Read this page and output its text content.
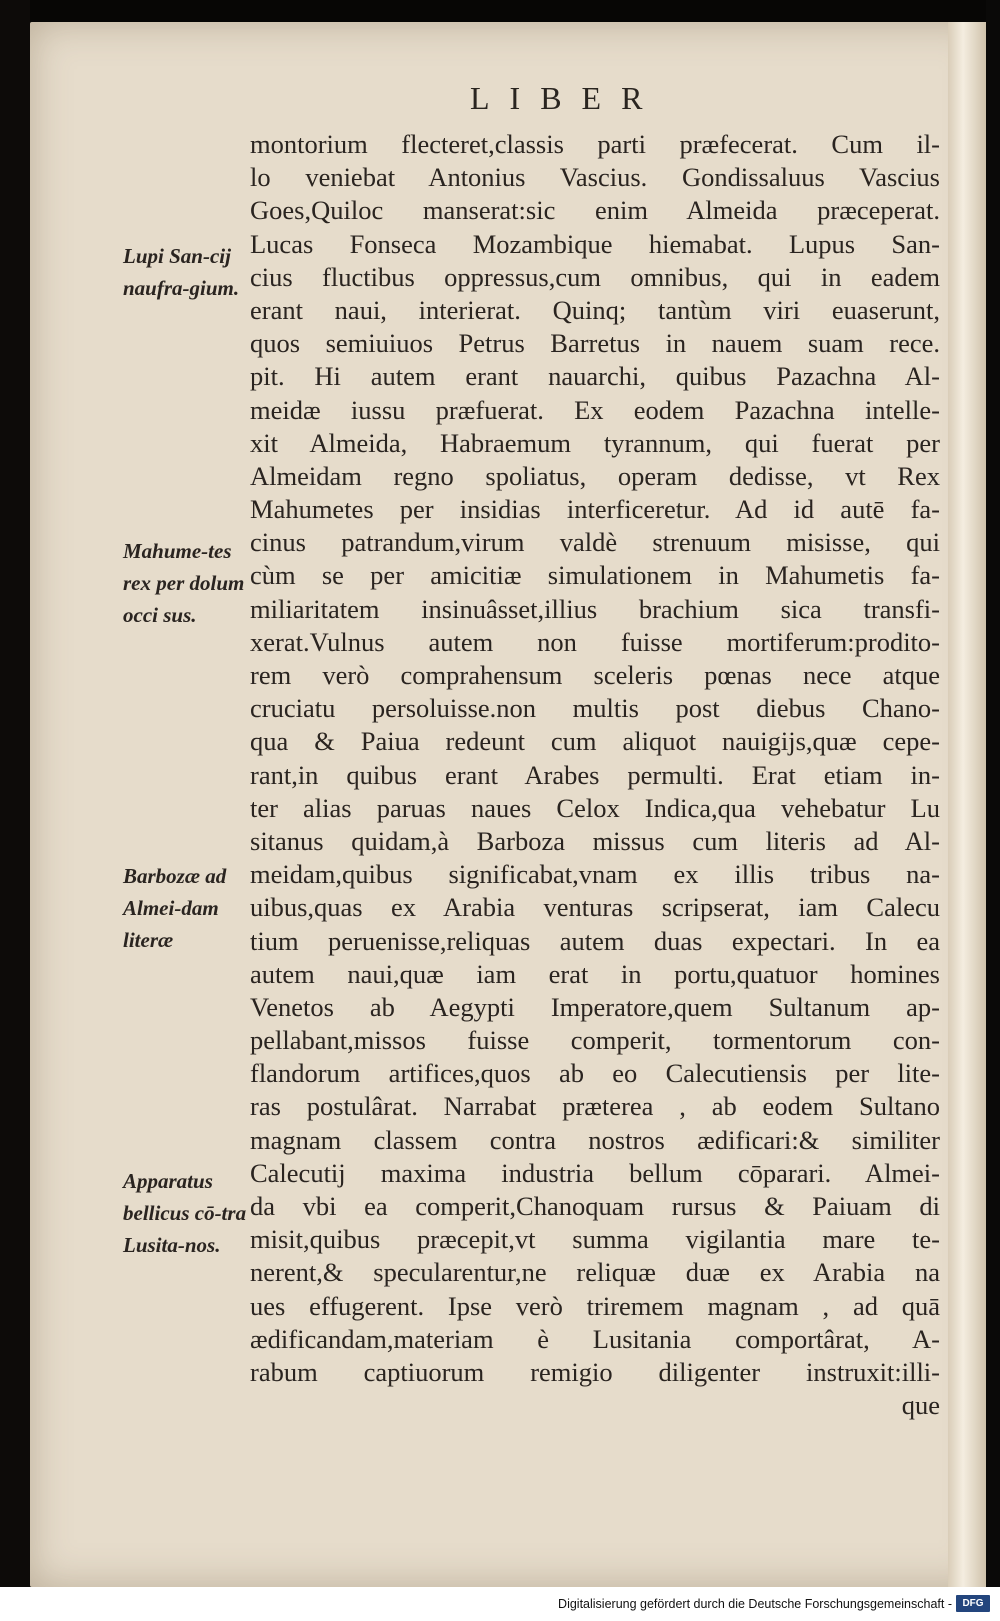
LIBER
montorium flecteret,classis parti præfecerat. Cum il-
lo veniebat Antonius Vascius. Gondissaluus Vascius
Goes,Quiloc manserat:sic enim Almeida præceperat.
Lucas Fonseca Mozambique hiemabat. Lupus San-
cius fluctibus oppressus,cum omnibus, qui in eadem
erant naui, interierat. Quinq; tantùm viri euaserunt,
quos semiuiuos Petrus Barretus in nauem suam rece.
pit. Hi autem erant nauarchi, quibus Pazachna Al-
meidæ iussu præfuerat. Ex eodem Pazachna intelle-
xit Almeida, Habraemum tyrannum, qui fuerat per
Almeidam regno spoliatus, operam dedisse, vt Rex
Mahumetes per insidias interficeretur. Ad id autē fa-
cinus patrandum,virum valdè strenuum misisse, qui
cùm se per amicitiæ simulationem in Mahumetis fa-
miliaritatem insinuâsset,illius brachium sica transfi-
xerat.Vulnus autem non fuisse mortiferum:prodito-
rem verò comprahensum sceleris pœnas nece atque
cruciatu persoluisse.non multis post diebus Chano-
qua & Paiua redeunt cum aliquot nauigijs,quæ cepe-
rant,in quibus erant Arabes permulti. Erat etiam in-
ter alias paruas naues Celox Indica,qua vehebatur Lu
sitanus quidam,à Barboza missus cum literis ad Al-
meidam,quibus significabat,vnam ex illis tribus na-
uibus,quas ex Arabia venturas scripserat, iam Calecu
tium peruenisse,reliquas autem duas expectari. In ea
autem naui,quæ iam erat in portu,quatuor homines
Venetos ab Aegypti Imperatore,quem Sultanum ap-
pellabant,missos fuisse comperit, tormentorum con-
flandorum artifices,quos ab eo Calecutiensis per lite-
ras postulârat. Narrabat præterea , ab eodem Sultano
magnam classem contra nostros ædificari:& similiter
Calecutij maxima industria bellum cōparari. Almei-
da vbi ea comperit,Chanoquam rursus & Paiuam di
misit,quibus præcepit,vt summa vigilantia mare te-
nerent,& specularentur,ne reliquæ duæ ex Arabia na
ues effugerent. Ipse verò triremem magnam , ad quā
ædificandam,materiam è Lusitania comportârat, A-
rabum captiuorum remigio diligenter instruxit:illi-
que
Lupi San-cij naufra-gium.
Mahume-tes rex per dolum occi sus.
Barbozæ ad Almei-dam literæ
Apparatus bellicus cō-tra Lusita-nos.
Digitalisierung gefördert durch die Deutsche Forschungsgemeinschaft -	DFG
